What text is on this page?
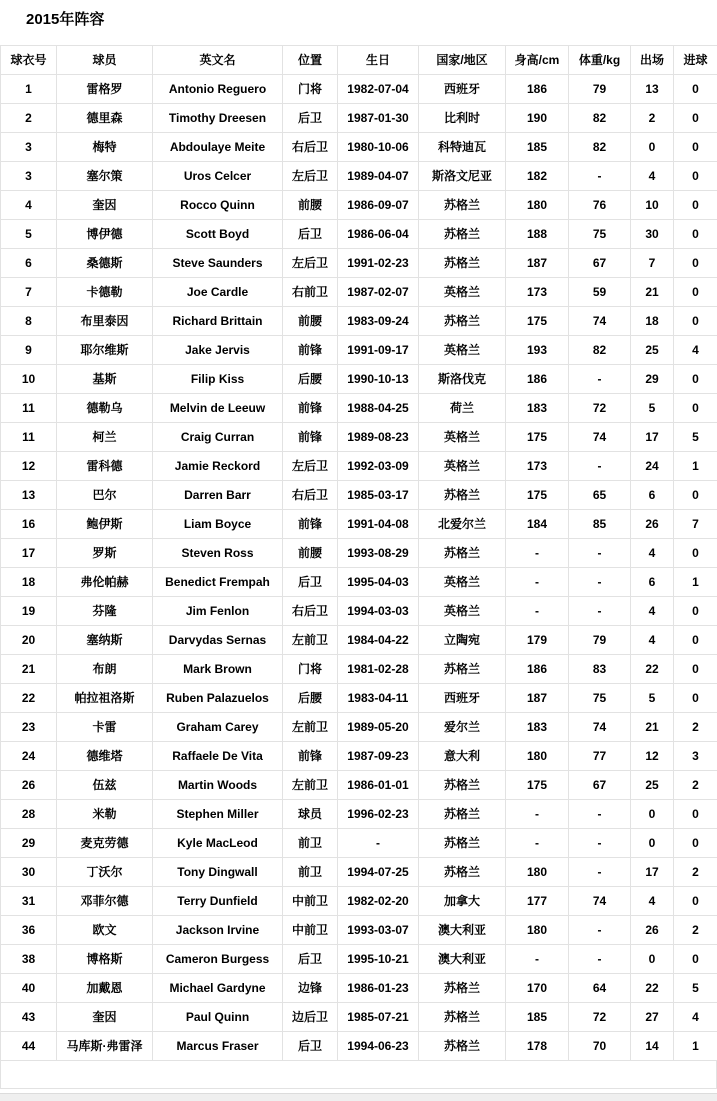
2015年阵容
球衣号	球员	英文名	位置	生日	国家/地区	身高/cm	体重/kg	出场	进球
1	雷格罗	Antonio Reguero	门将	1982-07-04	西班牙	186	79	13	0
2	德里森	Timothy Dreesen	后卫	1987-01-30	比利时	190	82	2	0
3	梅特	Abdoulaye Meite	右后卫	1980-10-06	科特迪瓦	185	82	0	0
3	塞尔策	Uros Celcer	左后卫	1989-04-07	斯洛文尼亚	182	-	4	0
4	奎因	Rocco Quinn	前腰	1986-09-07	苏格兰	180	76	10	0
5	博伊德	Scott Boyd	后卫	1986-06-04	苏格兰	188	75	30	0
6	桑德斯	Steve Saunders	左后卫	1991-02-23	苏格兰	187	67	7	0
7	卡德勒	Joe Cardle	右前卫	1987-02-07	英格兰	173	59	21	0
8	布里泰因	Richard Brittain	前腰	1983-09-24	苏格兰	175	74	18	0
9	耶尔维斯	Jake Jervis	前锋	1991-09-17	英格兰	193	82	25	4
10	基斯	Filip Kiss	后腰	1990-10-13	斯洛伐克	186	-	29	0
11	德勒乌	Melvin de Leeuw	前锋	1988-04-25	荷兰	183	72	5	0
11	柯兰	Craig Curran	前锋	1989-08-23	英格兰	175	74	17	5
12	雷科德	Jamie Reckord	左后卫	1992-03-09	英格兰	173	-	24	1
13	巴尔	Darren Barr	右后卫	1985-03-17	苏格兰	175	65	6	0
16	鲍伊斯	Liam Boyce	前锋	1991-04-08	北爱尔兰	184	85	26	7
17	罗斯	Steven Ross	前腰	1993-08-29	苏格兰	-	-	4	0
18	弗伦帕赫	Benedict Frempah	后卫	1995-04-03	英格兰	-	-	6	1
19	芬隆	Jim Fenlon	右后卫	1994-03-03	英格兰	-	-	4	0
20	塞纳斯	Darvydas Sernas	左前卫	1984-04-22	立陶宛	179	79	4	0
21	布朗	Mark Brown	门将	1981-02-28	苏格兰	186	83	22	0
22	帕拉祖洛斯	Ruben Palazuelos	后腰	1983-04-11	西班牙	187	75	5	0
23	卡雷	Graham Carey	左前卫	1989-05-20	爱尔兰	183	74	21	2
24	德维塔	Raffaele De Vita	前锋	1987-09-23	意大利	180	77	12	3
26	伍兹	Martin Woods	左前卫	1986-01-01	苏格兰	175	67	25	2
28	米勒	Stephen Miller	球员	1996-02-23	苏格兰	-	-	0	0
29	麦克劳德	Kyle MacLeod	前卫	-	苏格兰	-	-	0	0
30	丁沃尔	Tony Dingwall	前卫	1994-07-25	苏格兰	180	-	17	2
31	邓菲尔德	Terry Dunfield	中前卫	1982-02-20	加拿大	177	74	4	0
36	欧文	Jackson Irvine	中前卫	1993-03-07	澳大利亚	180	-	26	2
38	博格斯	Cameron Burgess	后卫	1995-10-21	澳大利亚	-	-	0	0
40	加戴恩	Michael Gardyne	边锋	1986-01-23	苏格兰	170	64	22	5
43	奎因	Paul Quinn	边后卫	1985-07-21	苏格兰	185	72	27	4
44	马库斯·弗雷泽	Marcus Fraser	后卫	1994-06-23	苏格兰	178	70	14	1
